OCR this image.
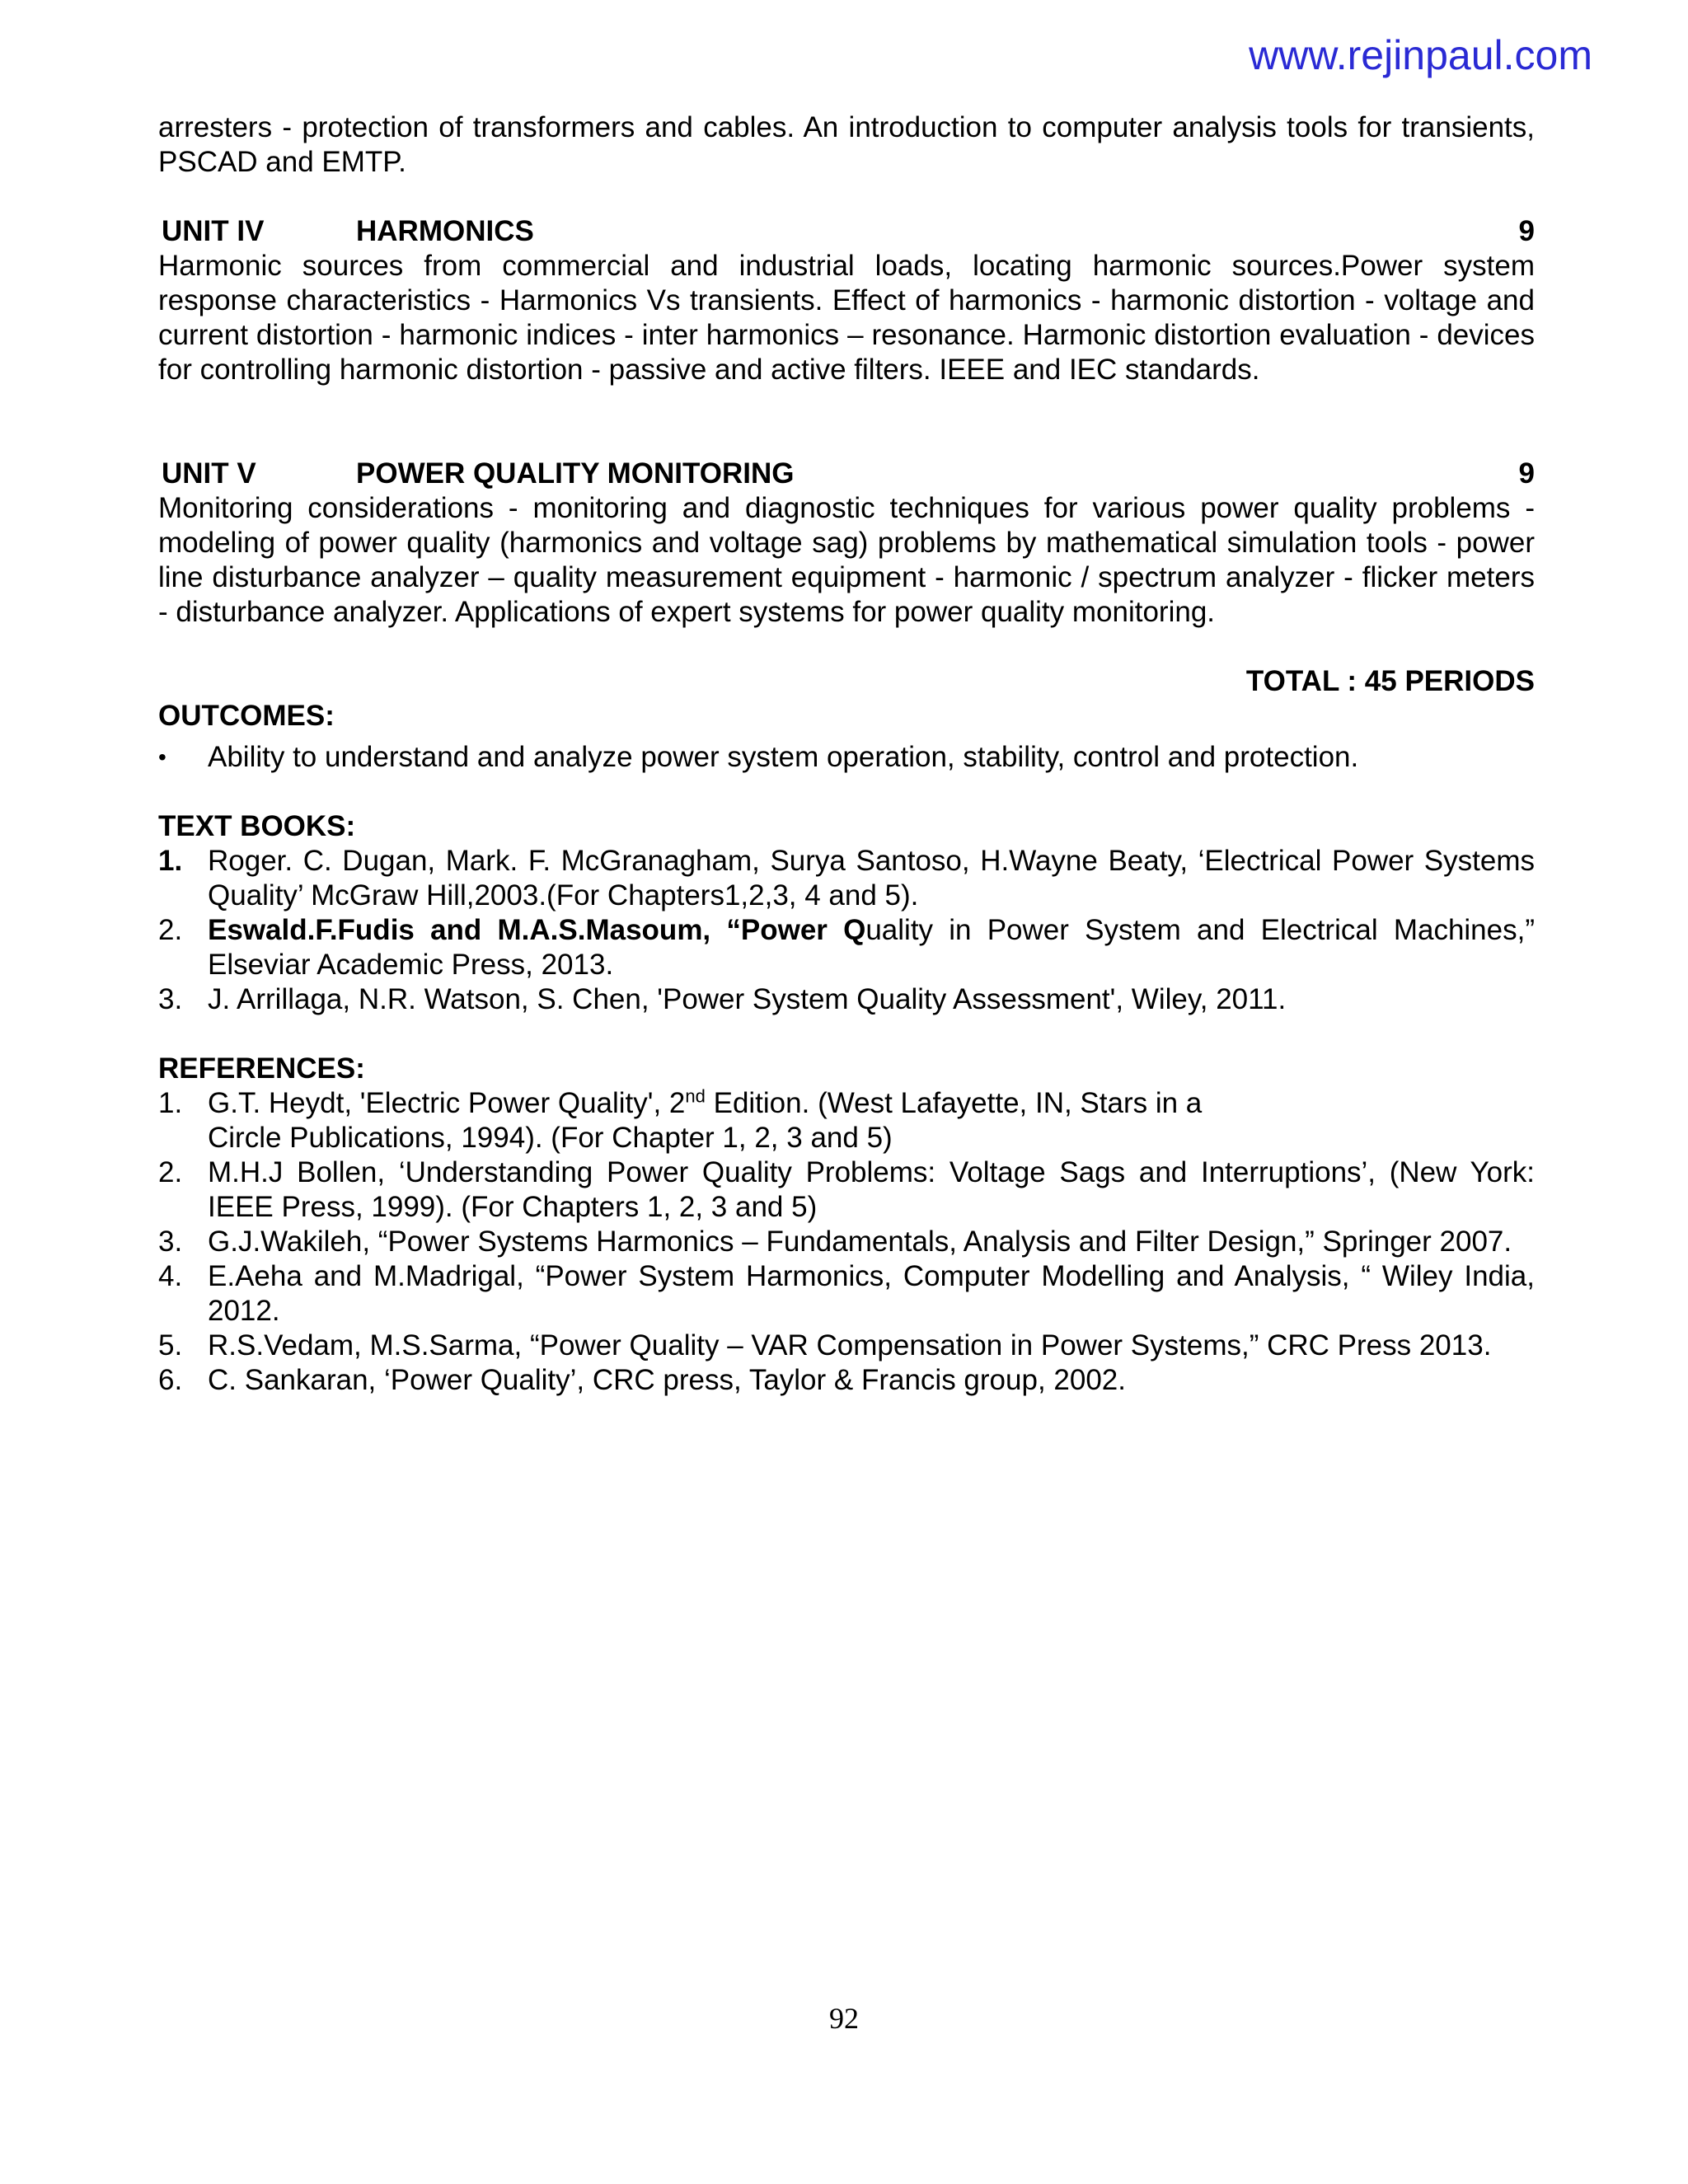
www.rejinpaul.com

arresters - protection of transformers and cables. An introduction to computer analysis tools for transients, PSCAD and EMTP.

UNIT IV	HARMONICS	9

Harmonic sources from commercial and industrial loads, locating harmonic sources.Power system response characteristics - Harmonics Vs transients. Effect of harmonics - harmonic distortion - voltage and current distortion - harmonic indices - inter harmonics – resonance. Harmonic distortion evaluation - devices for controlling harmonic distortion - passive and active filters. IEEE and IEC standards.

UNIT V	POWER QUALITY MONITORING	9

Monitoring considerations - monitoring and diagnostic techniques for various power quality problems - modeling of power quality (harmonics and voltage sag) problems by mathematical simulation tools - power line disturbance analyzer – quality measurement equipment - harmonic / spectrum analyzer - flicker meters - disturbance analyzer. Applications of expert systems for power quality monitoring.

TOTAL : 45 PERIODS

OUTCOMES:

•	Ability to understand and analyze power system operation, stability, control and protection.

TEXT BOOKS:

1. Roger. C. Dugan, Mark. F. McGranagham, Surya Santoso, H.Wayne Beaty, ‘Electrical Power Systems Quality’ McGraw Hill,2003.(For Chapters1,2,3, 4 and 5).
2. Eswald.F.Fudis and M.A.S.Masoum, “Power Quality in Power System and Electrical Machines,” Elseviar Academic Press, 2013.
3. J. Arrillaga, N.R. Watson, S. Chen, 'Power System Quality Assessment', Wiley, 2011.

REFERENCES:

1. G.T. Heydt, 'Electric Power Quality', 2nd Edition. (West Lafayette, IN, Stars in a
Circle Publications, 1994). (For Chapter 1, 2, 3 and 5)
2. M.H.J Bollen, ‘Understanding Power Quality Problems: Voltage Sags and Interruptions’, (New York: IEEE Press, 1999). (For Chapters 1, 2, 3 and 5)
3. G.J.Wakileh, “Power Systems Harmonics – Fundamentals, Analysis and Filter Design,” Springer 2007.
4. E.Aeha and M.Madrigal, “Power System Harmonics, Computer Modelling and Analysis, “ Wiley India, 2012.
5. R.S.Vedam, M.S.Sarma, “Power Quality – VAR Compensation in Power Systems,” CRC Press 2013.
6. C. Sankaran, ‘Power Quality’, CRC press, Taylor & Francis group, 2002.
92
